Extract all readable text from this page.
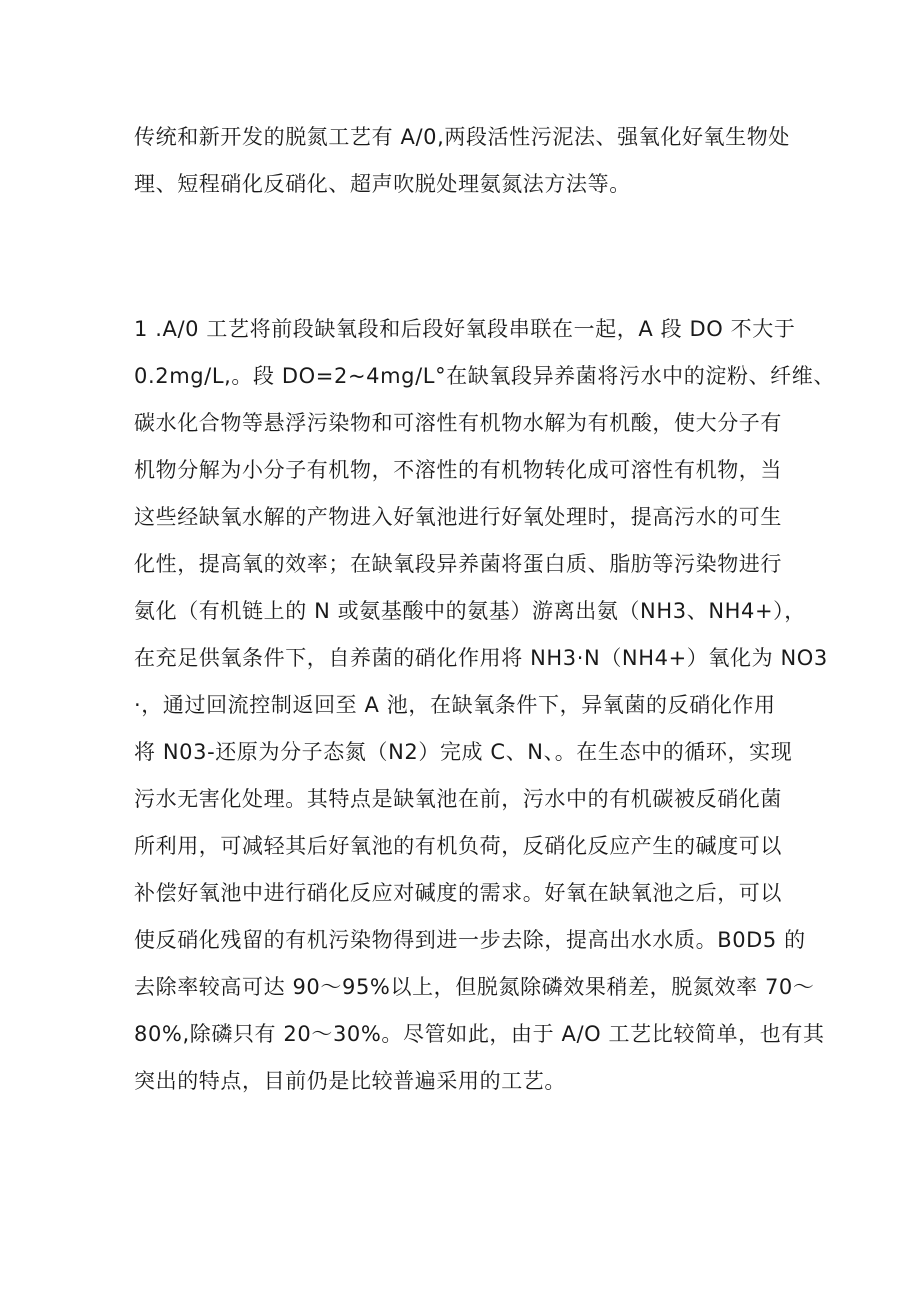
传统和新开发的脱氮工艺有 A/0,两段活性污泥法、强氧化好氧生物处
理、短程硝化反硝化、超声吹脱处理氨氮法方法等。
1 .A/0 工艺将前段缺氧段和后段好氧段串联在一起，A 段 DO 不大于
0.2mg/L,。段 DO=2~4mg/L°在缺氧段异养菌将污水中的淀粉、纤维、
碳水化合物等悬浮污染物和可溶性有机物水解为有机酸，使大分子有
机物分解为小分子有机物，不溶性的有机物转化成可溶性有机物，当
这些经缺氧水解的产物进入好氧池进行好氧处理时，提高污水的可生
化性，提高氧的效率；在缺氧段异养菌将蛋白质、脂肪等污染物进行
氨化（有机链上的 N 或氨基酸中的氨基）游离出氨（NH3、NH4+），
在充足供氧条件下，自养菌的硝化作用将 NH3·N（NH4+）氧化为 NO3
·，通过回流控制返回至 A 池，在缺氧条件下，异氧菌的反硝化作用
将 N03-还原为分子态氮（N2）完成 C、N、。在生态中的循环，实现
污水无害化处理。其特点是缺氧池在前，污水中的有机碳被反硝化菌
所利用，可减轻其后好氧池的有机负荷，反硝化反应产生的碱度可以
补偿好氧池中进行硝化反应对碱度的需求。好氧在缺氧池之后，可以
使反硝化残留的有机污染物得到进一步去除，提高出水水质。B0D5 的
去除率较高可达 90～95%以上，但脱氮除磷效果稍差，脱氮效率 70～
80%,除磷只有 20～30%。尽管如此，由于 A/O 工艺比较简单，也有其
突出的特点，目前仍是比较普遍采用的工艺。
